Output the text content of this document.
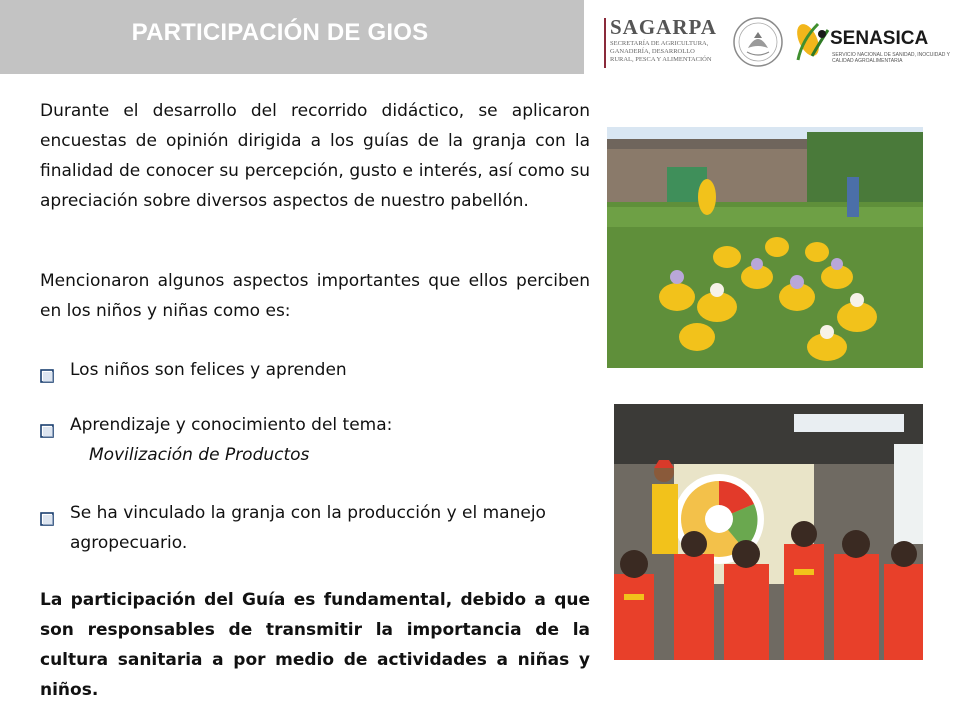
PARTICIPACIÓN DE GIOS	SAGARPA
SECRETARÍA DE AGRICULTURA, GANADERÍA, DESARROLLO RURAL, PESCA Y ALIMENTACIÓN
SENASICA
SERVICIO NACIONAL DE SANIDAD, INOCUIDAD Y CALIDAD AGROALIMENTARIA

Durante el desarrollo del recorrido didáctico, se aplicaron encuestas de opinión dirigida a los guías de la granja con la finalidad de conocer su percepción, gusto e interés, así como su apreciación sobre diversos aspectos de nuestro pabellón.

Mencionaron algunos aspectos importantes que ellos perciben en los niños y niñas como es:

Los niños son felices y aprenden
Aprendizaje y conocimiento del tema:
Movilización de Productos
Se ha vinculado la granja con la producción y el manejo agropecuario.

La participación del Guía es fundamental, debido a que son responsables de transmitir la importancia de la cultura sanitaria a por medio de actividades a niñas y niños.
